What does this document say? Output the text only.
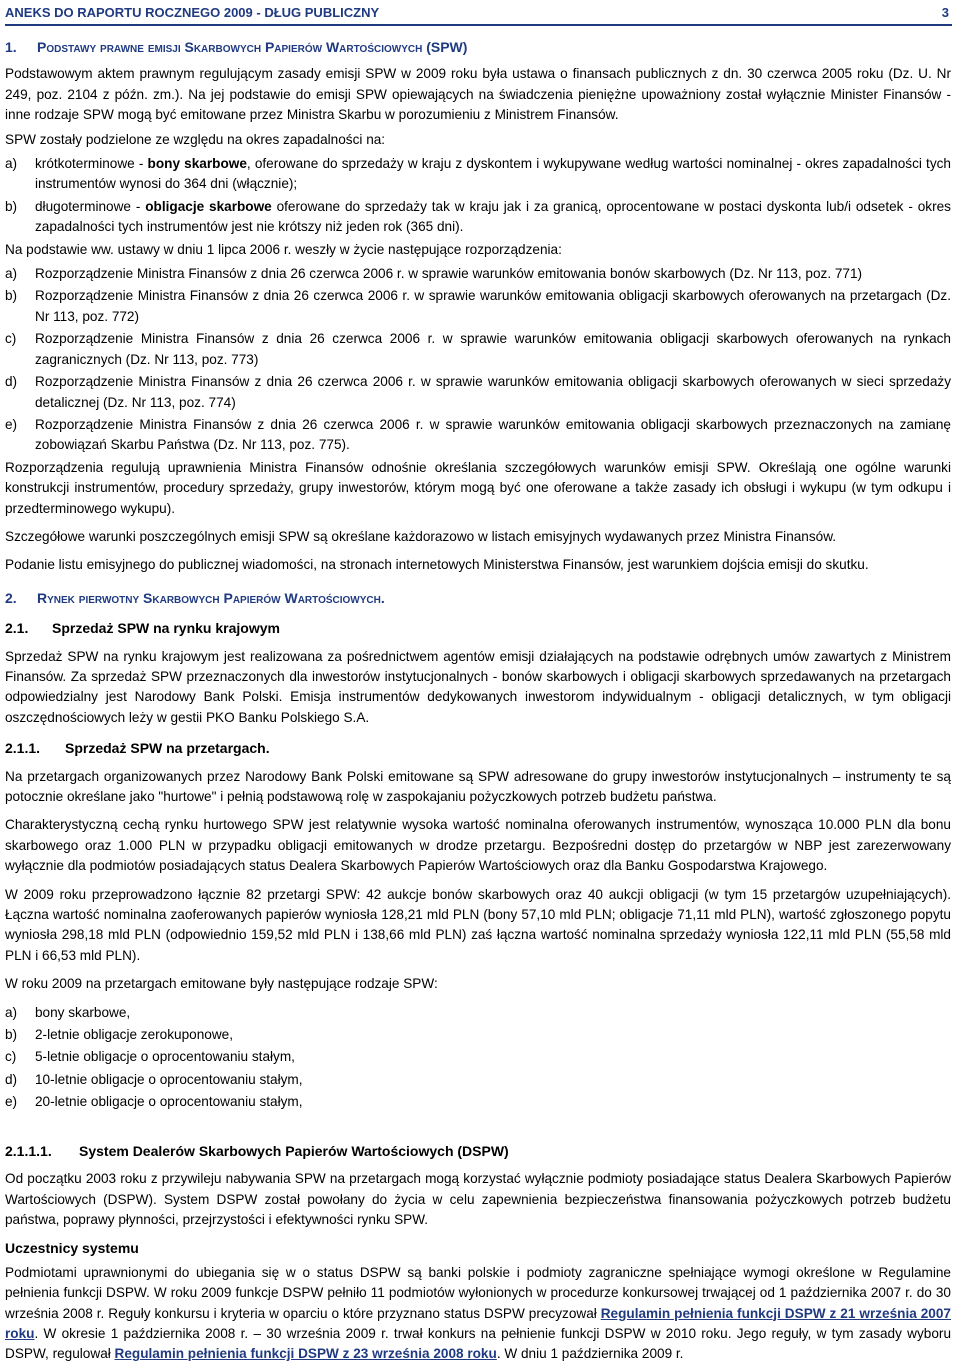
ANEKS DO RAPORTU ROCZNEGO 2009 - DŁUG PUBLICZNY	3
1. Podstawy prawne emisji Skarbowych Papierów Wartościowych (SPW)

Podstawowym aktem prawnym regulującym zasady emisji SPW w 2009 roku była ustawa o finansach publicznych z dn. 30 czerwca 2005 roku (Dz. U. Nr 249, poz. 2104 z późn. zm.). Na jej podstawie do emisji SPW opiewających na świadczenia pieniężne upoważniony został wyłącznie Minister Finansów - inne rodzaje SPW mogą być emitowane przez Ministra Skarbu w porozumieniu z Ministrem Finansów.

SPW zostały podzielone ze względu na okres zapadalności na:

a)	krótkoterminowe - bony skarbowe, oferowane do sprzedaży w kraju z dyskontem i wykupywane według wartości nominalnej - okres zapadalności tych instrumentów wynosi do 364 dni (włącznie);
b)	długoterminowe - obligacje skarbowe oferowane do sprzedaży tak w kraju jak i za granicą, oprocentowane w postaci dyskonta lub/i odsetek - okres zapadalności tych instrumentów jest nie krótszy niż jeden rok (365 dni).

Na podstawie ww. ustawy w dniu 1 lipca 2006 r. weszły w życie następujące rozporządzenia:

a)	Rozporządzenie Ministra Finansów z dnia 26 czerwca 2006 r. w sprawie warunków emitowania bonów skarbowych (Dz. Nr 113, poz. 771)
b)	Rozporządzenie Ministra Finansów z dnia 26 czerwca 2006 r. w sprawie warunków emitowania obligacji skarbowych oferowanych na przetargach (Dz. Nr 113, poz. 772)
c)	Rozporządzenie Ministra Finansów z dnia 26 czerwca 2006 r. w sprawie warunków emitowania obligacji skarbowych oferowanych na rynkach zagranicznych (Dz. Nr 113, poz. 773)
d)	Rozporządzenie Ministra Finansów z dnia 26 czerwca 2006 r. w sprawie warunków emitowania obligacji skarbowych oferowanych w sieci sprzedaży detalicznej (Dz. Nr 113, poz. 774)
e)	Rozporządzenie Ministra Finansów z dnia 26 czerwca 2006 r. w sprawie warunków emitowania obligacji skarbowych przeznaczonych na zamianę zobowiązań Skarbu Państwa (Dz. Nr 113, poz. 775).

Rozporządzenia regulują uprawnienia Ministra Finansów odnośnie określania szczegółowych warunków emisji SPW. Określają one ogólne warunki konstrukcji instrumentów, procedury sprzedaży, grupy inwestorów, którym mogą być one oferowane a także zasady ich obsługi i wykupu (w tym odkupu i przedterminowego wykupu).

Szczegółowe warunki poszczególnych emisji SPW są określane każdorazowo w listach emisyjnych wydawanych przez Ministra Finansów.

Podanie listu emisyjnego do publicznej wiadomości, na stronach internetowych Ministerstwa Finansów, jest warunkiem dojścia emisji do skutku.

2. Rynek pierwotny Skarbowych Papierów Wartościowych.
2.1. Sprzedaż SPW na rynku krajowym

Sprzedaż SPW na rynku krajowym jest realizowana za pośrednictwem agentów emisji działających na podstawie odrębnych umów zawartych z Ministrem Finansów. Za sprzedaż SPW przeznaczonych dla inwestorów instytucjonalnych - bonów skarbowych i obligacji skarbowych sprzedawanych na przetargach odpowiedzialny jest Narodowy Bank Polski. Emisja instrumentów dedykowanych inwestorom indywidualnym - obligacji detalicznych, w tym obligacji oszczędnościowych leży w gestii PKO Banku Polskiego S.A.

2.1.1. Sprzedaż SPW na przetargach.

Na przetargach organizowanych przez Narodowy Bank Polski emitowane są SPW adresowane do grupy inwestorów instytucjonalnych – instrumenty te są potocznie określane jako "hurtowe" i pełnią podstawową rolę w zaspokajaniu pożyczkowych potrzeb budżetu państwa.

Charakterystyczną cechą rynku hurtowego SPW jest relatywnie wysoka wartość nominalna oferowanych instrumentów, wynosząca 10.000 PLN dla bonu skarbowego oraz 1.000 PLN w przypadku obligacji emitowanych w drodze przetargu. Bezpośredni dostęp do przetargów w NBP jest zarezerwowany wyłącznie dla podmiotów posiadających status Dealera Skarbowych Papierów Wartościowych oraz dla Banku Gospodarstwa Krajowego.

W 2009 roku przeprowadzono łącznie 82 przetargi SPW: 42 aukcje bonów skarbowych oraz 40 aukcji obligacji (w tym 15 przetargów uzupełniających). Łączna wartość nominalna zaoferowanych papierów wyniosła 128,21 mld PLN (bony 57,10 mld PLN; obligacje 71,11 mld PLN), wartość zgłoszonego popytu wyniosła 298,18 mld PLN (odpowiednio 159,52 mld PLN i 138,66 mld PLN) zaś łączna wartość nominalna sprzedaży wyniosła 122,11 mld PLN (55,58 mld PLN i 66,53 mld PLN).

W roku 2009 na przetargach emitowane były następujące rodzaje SPW:

a)	bony skarbowe,
b)	2-letnie obligacje zerokuponowe,
c)	5-letnie obligacje o oprocentowaniu stałym,
d)	10-letnie obligacje o oprocentowaniu stałym,
e)	20-letnie obligacje o oprocentowaniu stałym,
2.1.1.1. System Dealerów Skarbowych Papierów Wartościowych (DSPW)

Od początku 2003 roku z przywileju nabywania SPW na przetargach mogą korzystać wyłącznie podmioty posiadające status Dealera Skarbowych Papierów Wartościowych (DSPW). System DSPW został powołany do życia w celu zapewnienia bezpieczeństwa finansowania pożyczkowych potrzeb budżetu państwa, poprawy płynności, przejrzystości i efektywności rynku SPW.

Uczestnicy systemu

Podmiotami uprawnionymi do ubiegania się w o status DSPW są banki polskie i podmioty zagraniczne spełniające wymogi określone w Regulamine pełnienia funkcji DSPW. W roku 2009 funkcje DSPW pełniło 11 podmiotów wyłonionych w procedurze konkursowej trwającej od 1 października 2007 r. do 30 września 2008 r. Reguły konkursu i kryteria w oparciu o które przyznano status DSPW precyzował Regulamin pełnienia funkcji DSPW z 21 września 2007 roku. W okresie 1 października 2008 r. – 30 września 2009 r. trwał konkurs na pełnienie funkcji DSPW w 2010 roku. Jego reguły, w tym zasady wyboru DSPW, regulował Regulamin pełnienia funkcji DSPW z 23 września 2008 roku. W dniu 1 października 2009 r.
